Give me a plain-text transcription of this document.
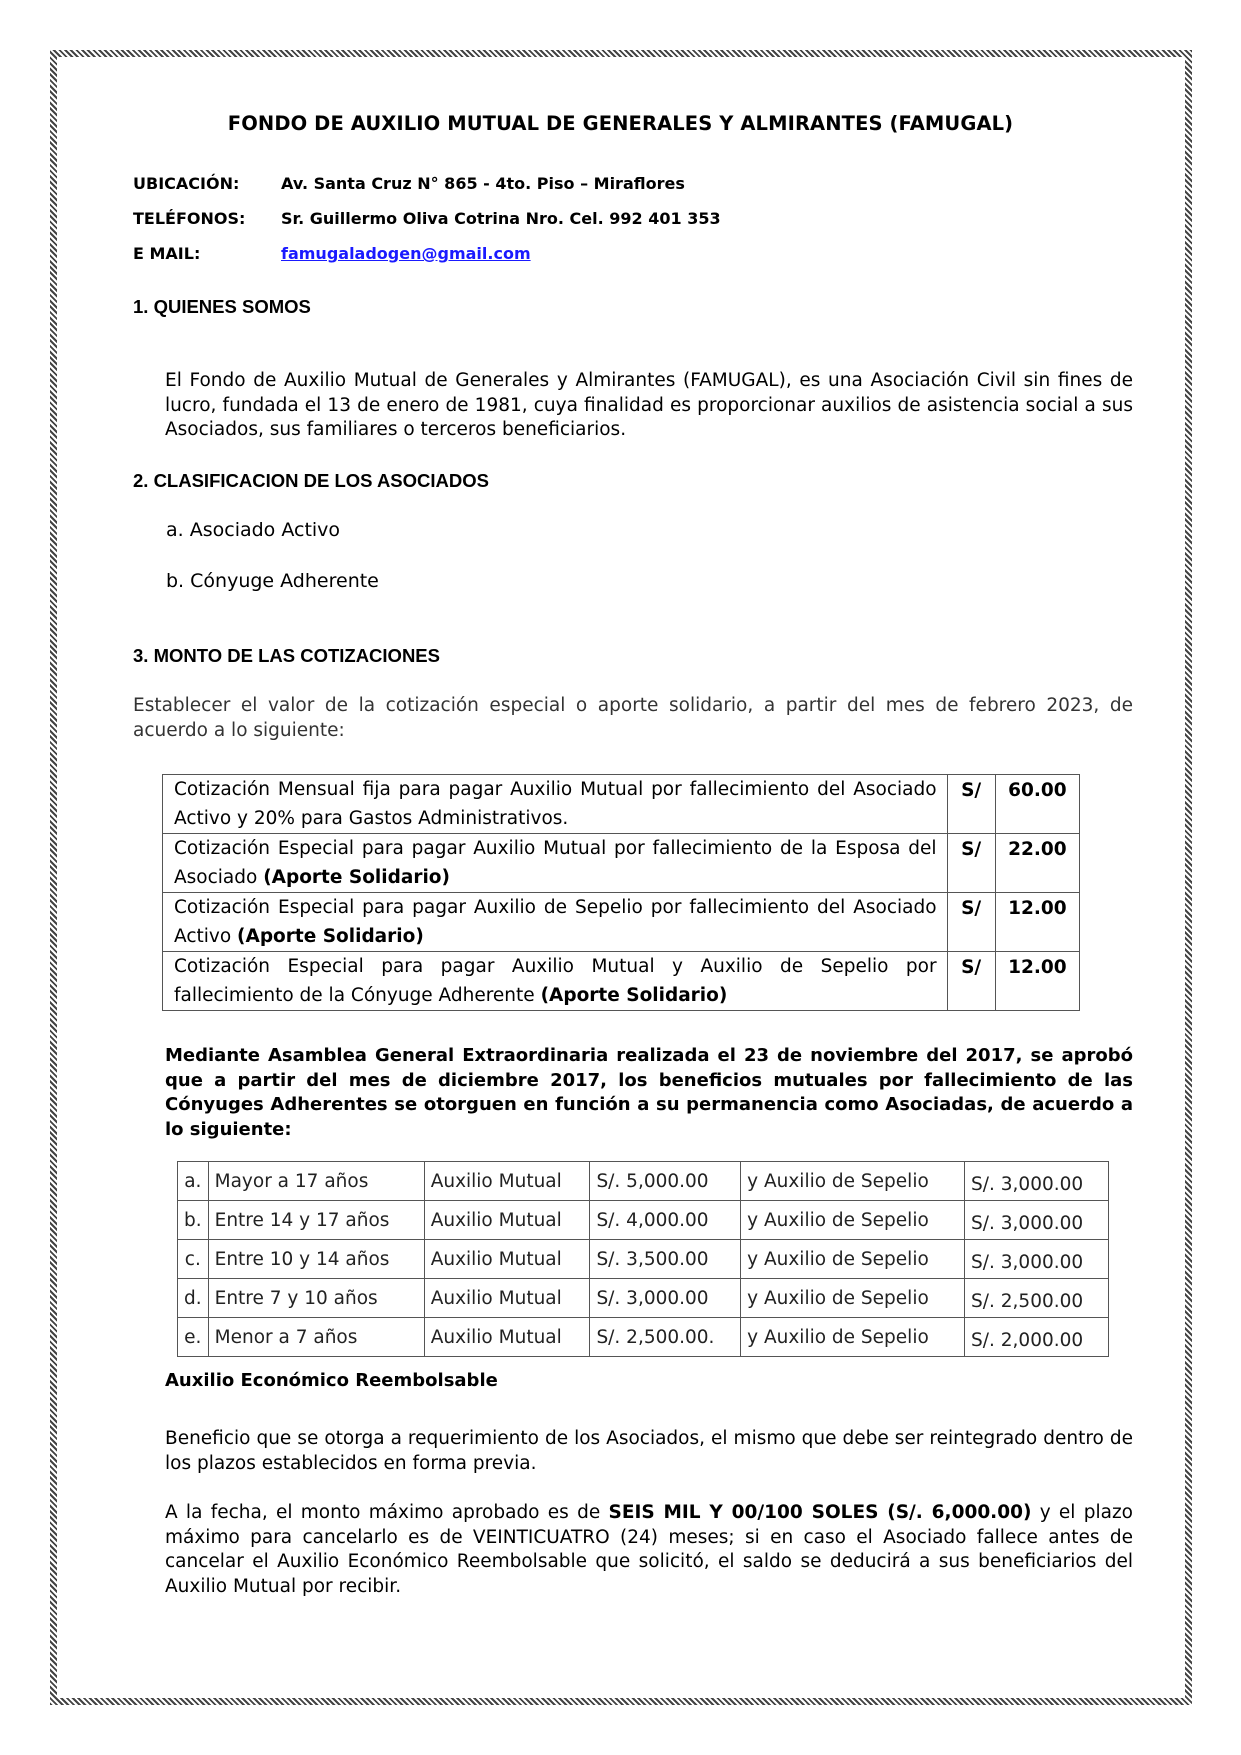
FONDO DE AUXILIO MUTUAL DE GENERALES Y ALMIRANTES (FAMUGAL)
UBICACIÓN:	Av. Santa Cruz N° 865 - 4to. Piso – Miraflores
TELÉFONOS: Sr. Guillermo Oliva Cotrina Nro. Cel. 992 401 353
E MAIL:	famugaladogen@gmail.com
1. QUIENES SOMOS

El Fondo de Auxilio Mutual de Generales y Almirantes (FAMUGAL), es una Asociación Civil sin fines de lucro, fundada el 13 de enero de 1981, cuya finalidad es proporcionar auxilios de asistencia social a sus Asociados, sus familiares o terceros beneficiarios.

2. CLASIFICACION DE LOS ASOCIADOS
a. Asociado Activo
b. Cónyuge Adherente
3. MONTO DE LAS COTIZACIONES

Establecer el valor de la cotización especial o aporte solidario, a partir del mes de febrero 2023, de acuerdo a lo siguiente:

Cotización Mensual fija para pagar Auxilio Mutual por fallecimiento del Asociado Activo y 20% para Gastos Administrativos.	S/	60.00
Cotización Especial para pagar Auxilio Mutual por fallecimiento de la Esposa del Asociado (Aporte Solidario)	S/	22.00
Cotización Especial para pagar Auxilio de Sepelio por fallecimiento del Asociado Activo (Aporte Solidario)	S/	12.00
Cotización Especial para pagar Auxilio Mutual y Auxilio de Sepelio por fallecimiento de la Cónyuge Adherente (Aporte Solidario)	S/	12.00

Mediante Asamblea General Extraordinaria realizada el 23 de noviembre del 2017, se aprobó que a partir del mes de diciembre 2017, los beneficios mutuales por fallecimiento de las Cónyuges Adherentes se otorguen en función a su permanencia como Asociadas, de acuerdo a lo siguiente:

a.	Mayor a 17 años	Auxilio Mutual	S/. 5,000.00	y Auxilio de Sepelio	S/. 3,000.00
b.	Entre 14 y 17 años	Auxilio Mutual	S/. 4,000.00	y Auxilio de Sepelio	S/. 3,000.00
c.	Entre 10 y 14 años	Auxilio Mutual	S/. 3,500.00	y Auxilio de Sepelio	S/. 3,000.00
d.	Entre 7 y 10 años	Auxilio Mutual	S/. 3,000.00	y Auxilio de Sepelio	S/. 2,500.00
e.	Menor a 7 años	Auxilio Mutual	S/. 2,500.00.	y Auxilio de Sepelio	S/. 2,000.00
Auxilio Económico Reembolsable

Beneficio que se otorga a requerimiento de los Asociados, el mismo que debe ser reintegrado dentro de los plazos establecidos en forma previa.

A la fecha, el monto máximo aprobado es de SEIS MIL Y 00/100 SOLES (S/. 6,000.00) y el plazo máximo para cancelarlo es de VEINTICUATRO (24) meses; si en caso el Asociado fallece antes de cancelar el Auxilio Económico Reembolsable que solicitó, el saldo se deducirá a sus beneficiarios del Auxilio Mutual por recibir.
